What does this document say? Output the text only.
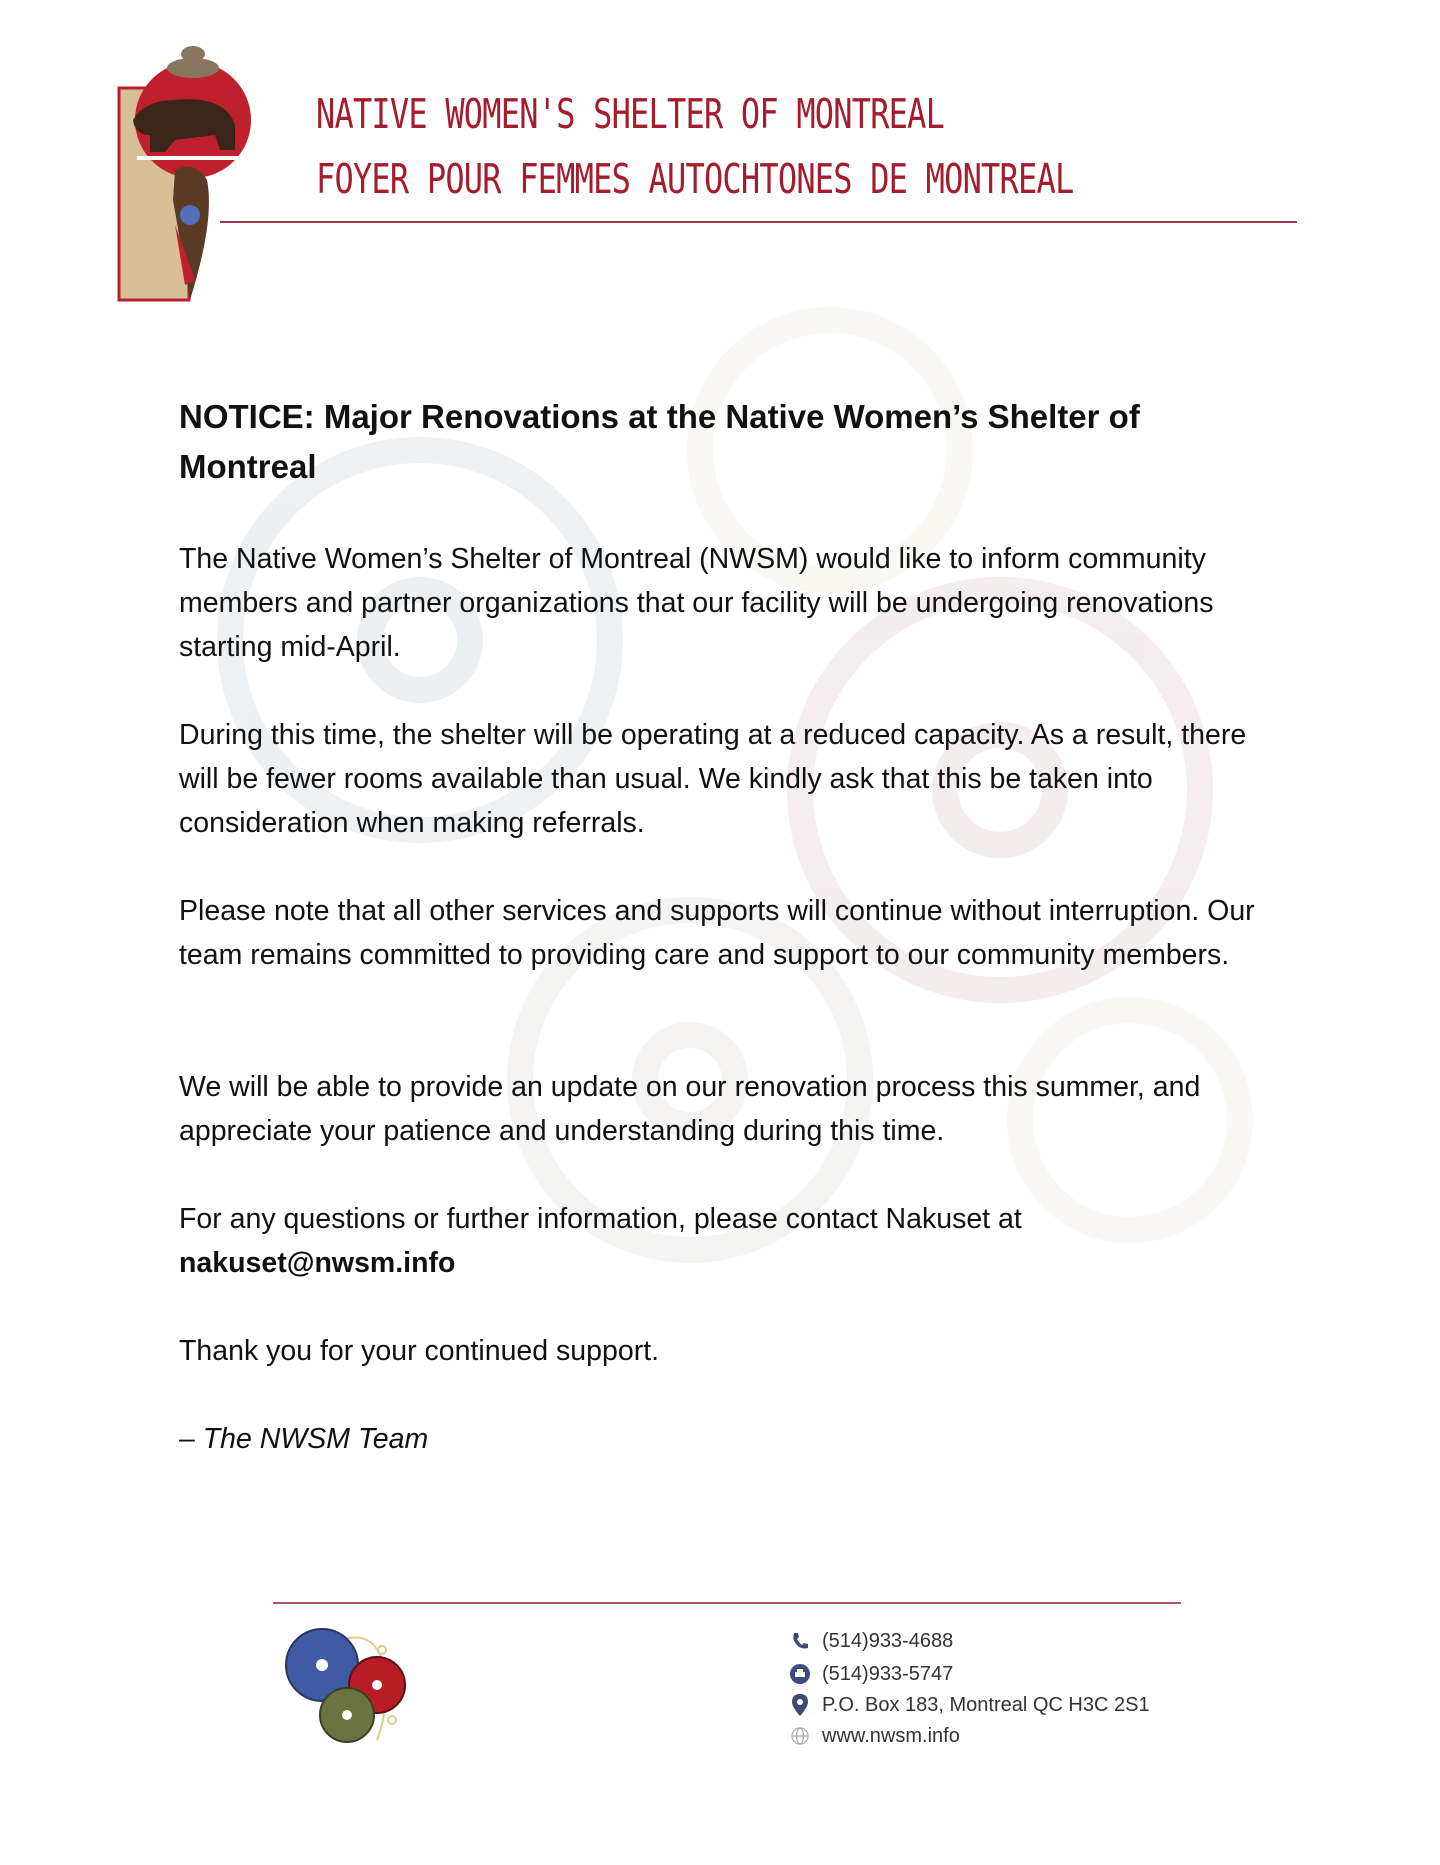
NATIVE WOMEN'S SHELTER OF MONTREAL
FOYER POUR FEMMES AUTOCHTONES DE MONTREAL
NOTICE: Major Renovations at the Native Women’s Shelter of Montreal
The Native Women’s Shelter of Montreal (NWSM) would like to inform community members and partner organizations that our facility will be undergoing renovations starting mid-April.
During this time, the shelter will be operating at a reduced capacity. As a result, there will be fewer rooms available than usual. We kindly ask that this be taken into consideration when making referrals.
Please note that all other services and supports will continue without interruption. Our team remains committed to providing care and support to our community members.
We will be able to provide an update on our renovation process this summer, and appreciate your patience and understanding during this time.
For any questions or further information, please contact Nakuset at
nakuset@nwsm.info
Thank you for your continued support.
– The NWSM Team
(514)933-4688
(514)933-5747
P.O. Box 183, Montreal QC H3C 2S1
www.nwsm.info
